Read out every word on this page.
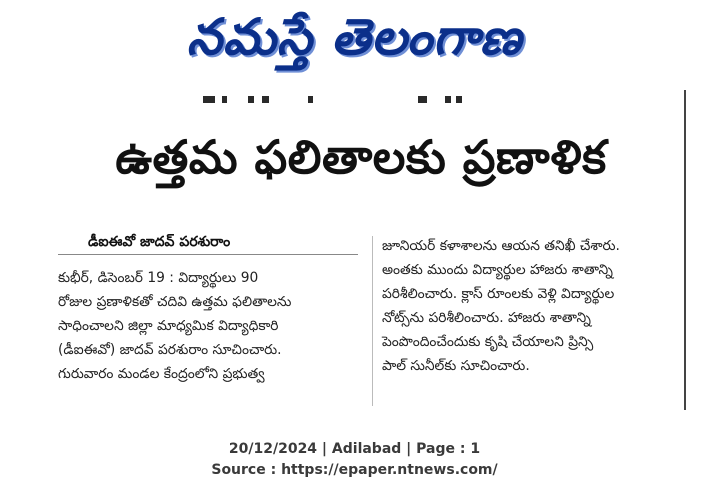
నమస్తే తెలంగాణ
ఉత్తమ ఫలితాలకు ప్రణాళిక
డీఐఈవో జాదవ్ పరశురాం
కుభీర్, డిసెంబర్ 19 : విద్యార్థులు 90
రోజుల ప్రణాళికతో చదివి ఉత్తమ ఫలితాలను
సాధించాలని జిల్లా మాధ్యమిక విద్యాధికారి
(డీఐఈవో) జాదవ్ పరశురాం సూచించారు.
గురువారం మండల కేంద్రంలోని ప్రభుత్వ
జూనియర్ కళాశాలను ఆయన తనిఖీ చేశారు.
అంతకు ముందు విద్యార్థుల హాజరు శాతాన్ని
పరిశీలించారు. క్లాస్ రూంలకు వెళ్లి విద్యార్థుల
నోట్స్‌ను పరిశీలించారు. హాజరు శాతాన్ని
పెంపొందించేందుకు కృషి చేయాలని ప్రిన్సి
పాల్ సునీల్‌కు సూచించారు.
20/12/2024 | Adilabad | Page : 1
Source : https://epaper.ntnews.com/
